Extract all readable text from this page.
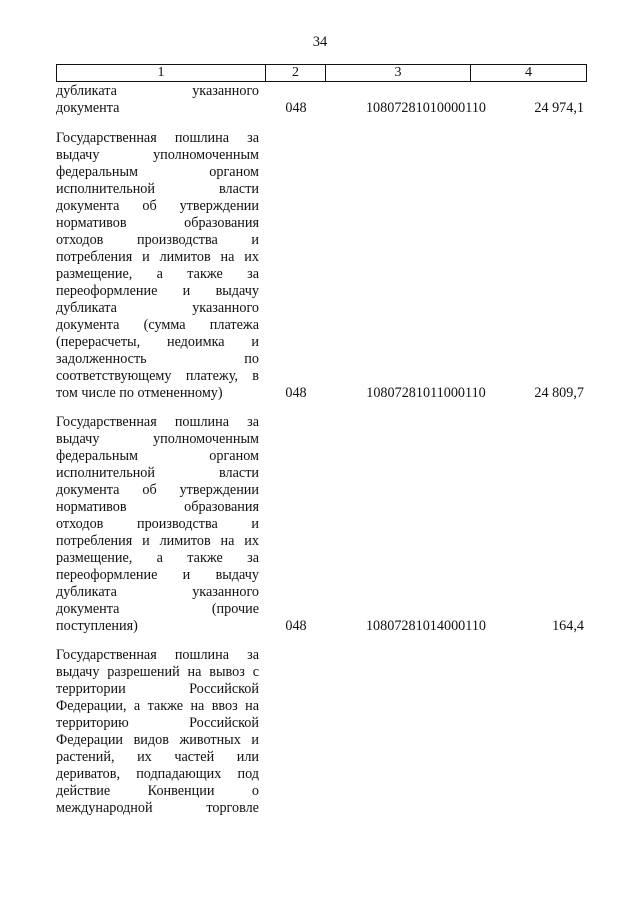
34
1	2	3	4
дубликата указанного
документа	048	10807281010000110	24 974,1
Государственная пошлина за
выдачу уполномоченным
федеральным органом
исполнительной власти
документа об утверждении
нормативов образования
отходов производства и
потребления и лимитов на их
размещение, а также за
переоформление и выдачу
дубликата указанного
документа (сумма платежа
(перерасчеты, недоимка и
задолженность по
соответствующему платежу, в
том числе по отмененному)	048	10807281011000110	24 809,7
Государственная пошлина за
выдачу уполномоченным
федеральным органом
исполнительной власти
документа об утверждении
нормативов образования
отходов производства и
потребления и лимитов на их
размещение, а также за
переоформление и выдачу
дубликата указанного
документа (прочие
поступления)	048	10807281014000110	164,4
Государственная пошлина за
выдачу разрешений на вывоз с
территории Российской
Федерации, а также на ввоз на
территорию Российской
Федерации видов животных и
растений, их частей или
дериватов, подпадающих под
действие Конвенции о
международной торговле
